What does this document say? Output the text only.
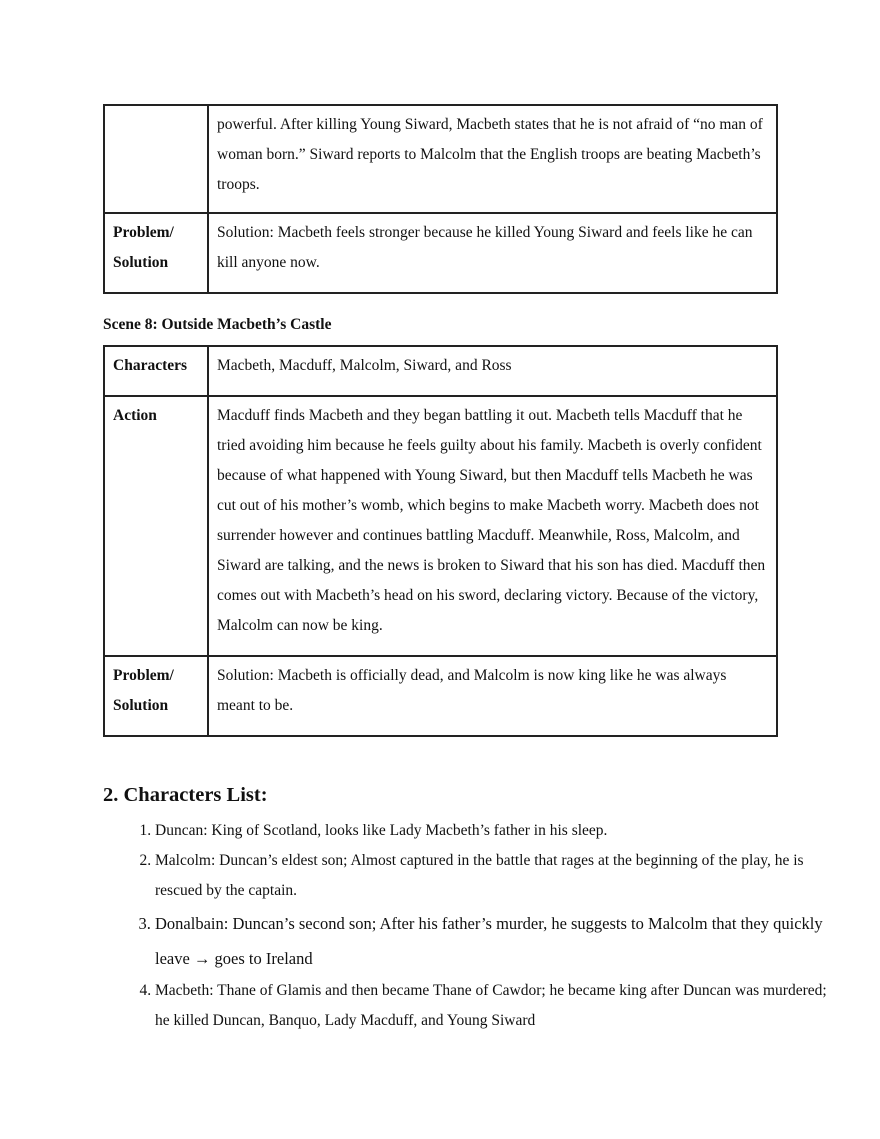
	powerful. After killing Young Siward, Macbeth states that he is not afraid of “no man of woman born.” Siward reports to Malcolm that the English troops are beating Macbeth’s troops.
Problem/ Solution	Solution: Macbeth feels stronger because he killed Young Siward and feels like he can kill anyone now.
Scene 8: Outside Macbeth’s Castle
Characters	Macbeth, Macduff, Malcolm, Siward, and Ross
Action	Macduff finds Macbeth and they began battling it out. Macbeth tells Macduff that he tried avoiding him because he feels guilty about his family. Macbeth is overly confident because of what happened with Young Siward, but then Macduff tells Macbeth he was cut out of his mother’s womb, which begins to make Macbeth worry. Macbeth does not surrender however and continues battling Macduff. Meanwhile, Ross, Malcolm, and Siward are talking, and the news is broken to Siward that his son has died. Macduff then comes out with Macbeth’s head on his sword, declaring victory. Because of the victory, Malcolm can now be king.
Problem/ Solution	Solution: Macbeth is officially dead, and Malcolm is now king like he was always meant to be.
2. Characters List:
1. Duncan: King of Scotland, looks like Lady Macbeth’s father in his sleep.
2. Malcolm: Duncan’s eldest son; Almost captured in the battle that rages at the beginning of the play, he is rescued by the captain.
3. Donalbain: Duncan’s second son; After his father’s murder, he suggests to Malcolm that they quickly leave → goes to Ireland
4. Macbeth: Thane of Glamis and then became Thane of Cawdor; he became king after Duncan was murdered; he killed Duncan, Banquo, Lady Macduff, and Young Siward
